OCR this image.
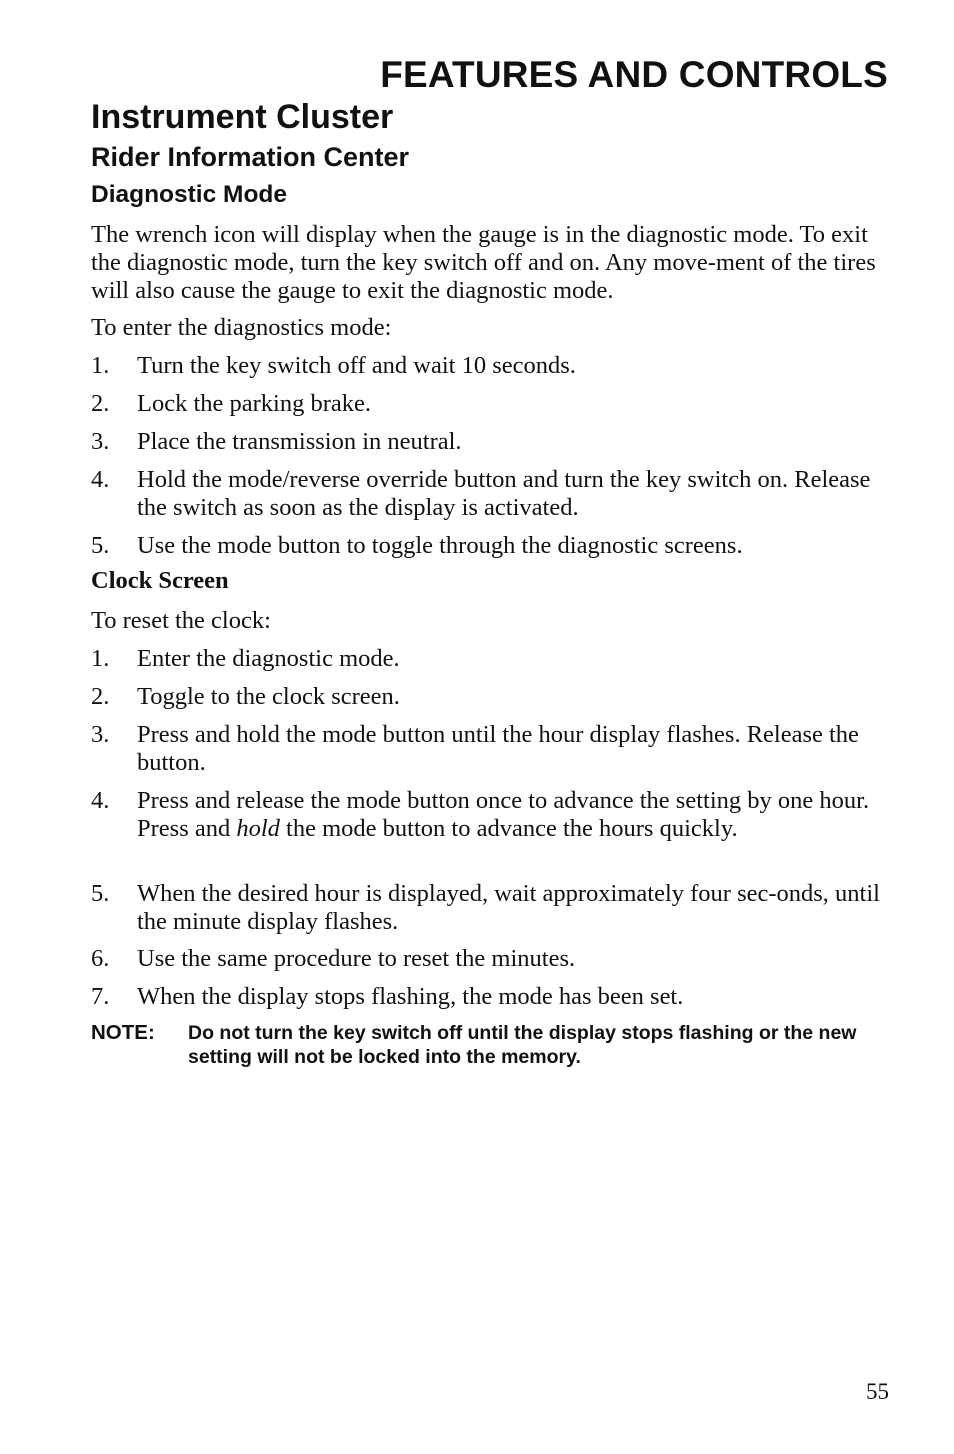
FEATURES AND CONTROLS
Instrument Cluster
Rider Information Center
Diagnostic Mode

The wrench icon will display when the gauge is in the diagnostic mode. To exit the diagnostic mode, turn the key switch off and on. Any move-ment of the tires will also cause the gauge to exit the diagnostic mode.

To enter the diagnostics mode:

1. Turn the key switch off and wait 10 seconds.
2. Lock the parking brake.
3. Place the transmission in neutral.
4. Hold the mode/reverse override button and turn the key switch on. Release the switch as soon as the display is activated.
5. Use the mode button to toggle through the diagnostic screens.

Clock Screen

To reset the clock:

1. Enter the diagnostic mode.
2. Toggle to the clock screen.
3. Press and hold the mode button until the hour display flashes. Release the button.
4. Press and release the mode button once to advance the setting by one hour. Press and hold the mode button to advance the hours quickly.
5. When the desired hour is displayed, wait approximately four sec-onds, until the minute display flashes.
6. Use the same procedure to reset the minutes.
7. When the display stops flashing, the mode has been set.
NOTE: Do not turn the key switch off until the display stops flashing or the new setting will not be locked into the memory.
55
